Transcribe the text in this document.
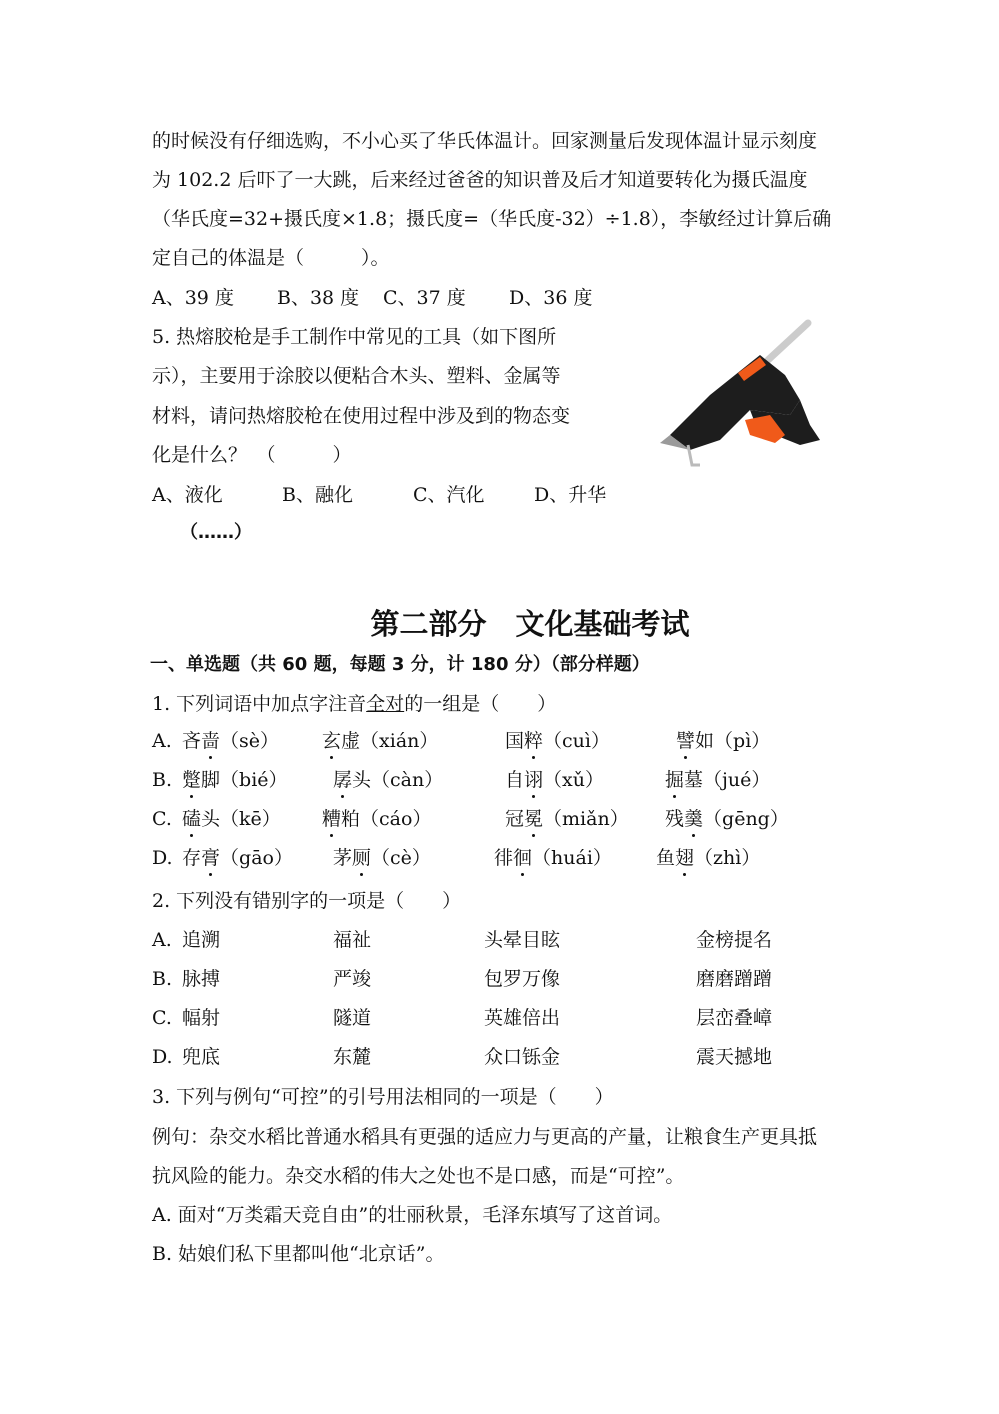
的时候没有仔细选购，不小心买了华氏体温计。回家测量后发现体温计显示刻度
为 102.2 后吓了一大跳，后来经过爸爸的知识普及后才知道要转化为摄氏温度
（华氏度=32+摄氏度×1.8；摄氏度=（华氏度-32）÷1.8），李敏经过计算后确
定自己的体温是（　　　）。
A、39 度 B、38 度 C、37 度 D、36 度
5. 热熔胶枪是手工制作中常见的工具（如下图所
示），主要用于涂胶以便粘合木头、塑料、金属等
材料，请问热熔胶枪在使用过程中涉及到的物态变
化是什么？　（　　　）
A、液化	B、融化	C、汽化	D、升华
（……）
第二部分　文化基础考试
一、单选题（共 60 题，每题 3 分，计 180 分）（部分样题）
1. 下列词语中加点字注音全对的一组是（　　）
A. 吝啬（sè） 玄虚（xián）	国粹（cuì）	譬如（pì）
B. 蹩脚（bié） 孱头（càn）	自诩（xǔ）	掘墓（jué）
C. 磕头（kē） 糟粕（cáo）	冠冕（miǎn） 残羹（gēng）
D. 存膏（gāo） 茅厕（cè）	徘徊（huái） 鱼翅（zhì）
2. 下列没有错别字的一项是（　　）
A. 追溯	福祉	头晕目眩	金榜提名
B. 脉搏	严竣	包罗万像	磨磨蹭蹭
C. 幅射	隧道	英雄倍出	层峦叠嶂
D. 兜底	东麓	众口铄金	震天撼地
3. 下列与例句“可控”的引号用法相同的一项是（　　）
例句：杂交水稻比普通水稻具有更强的适应力与更高的产量，让粮食生产更具抵
抗风险的能力。杂交水稻的伟大之处也不是口感，而是“可控”。
A. 面对“万类霜天竞自由”的壮丽秋景，毛泽东填写了这首词。
B. 姑娘们私下里都叫他“北京话”。
